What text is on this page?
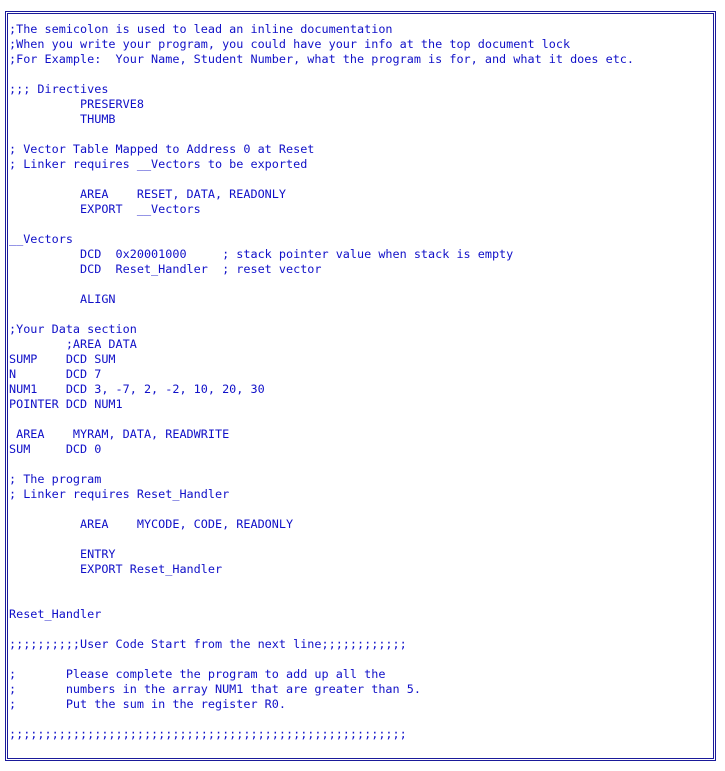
;The semicolon is used to lead an inline documentation
;When you write your program, you could have your info at the top document lock
;For Example:  Your Name, Student Number, what the program is for, and what it does etc.
;;; Directives
PRESERVE8
THUMB
; Vector Table Mapped to Address 0 at Reset
; Linker requires __Vectors to be exported
AREA    RESET, DATA, READONLY
EXPORT  __Vectors
__Vectors
DCD  0x20001000     ; stack pointer value when stack is empty
DCD  Reset_Handler  ; reset vector
ALIGN
;Your Data section
;AREA DATA
SUMP    DCD SUM
N       DCD 7
NUM1    DCD 3, -7, 2, -2, 10, 20, 30
POINTER DCD NUM1
AREA    MYRAM, DATA, READWRITE
SUM     DCD 0
; The program
; Linker requires Reset_Handler
AREA    MYCODE, CODE, READONLY
ENTRY
EXPORT Reset_Handler
Reset_Handler
;;;;;;;;;;User Code Start from the next line;;;;;;;;;;;;
;       Please complete the program to add up all the
;       numbers in the array NUM1 that are greater than 5.
;       Put the sum in the register R0.
;;;;;;;;;;;;;;;;;;;;;;;;;;;;;;;;;;;;;;;;;;;;;;;;;;;;;;;;
